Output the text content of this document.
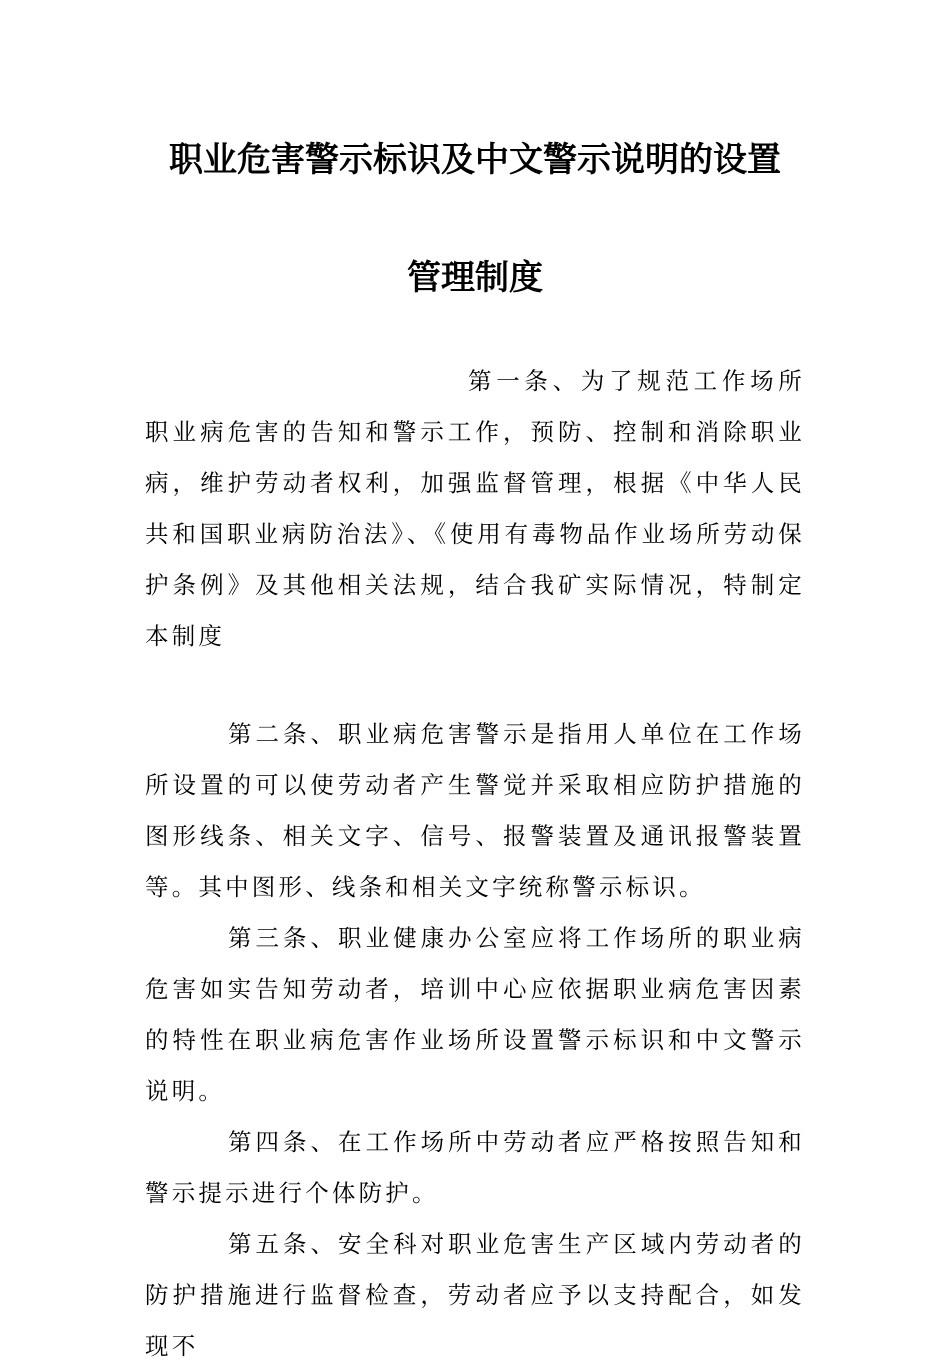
职业危害警示标识及中文警示说明的设置
管理制度

第一条、为了规范工作场所职业病危害的告知和警示工作，预防、控制和消除职业病，维护劳动者权利，加强监督管理，根据《中华人民共和国职业病防治法》、《使用有毒物品作业场所劳动保护条例》及其他相关法规，结合我矿实际情况，特制定本制度

第二条、职业病危害警示是指用人单位在工作场所设置的可以使劳动者产生警觉并采取相应防护措施的图形线条、相关文字、信号、报警装置及通讯报警装置等。其中图形、线条和相关文字统称警示标识。

第三条、职业健康办公室应将工作场所的职业病危害如实告知劳动者，培训中心应依据职业病危害因素的特性在职业病危害作业场所设置警示标识和中文警示说明。

第四条、在工作场所中劳动者应严格按照告知和警示提示进行个体防护。

第五条、安全科对职业危害生产区域内劳动者的防护措施进行监督检查，劳动者应予以支持配合，如发现不
